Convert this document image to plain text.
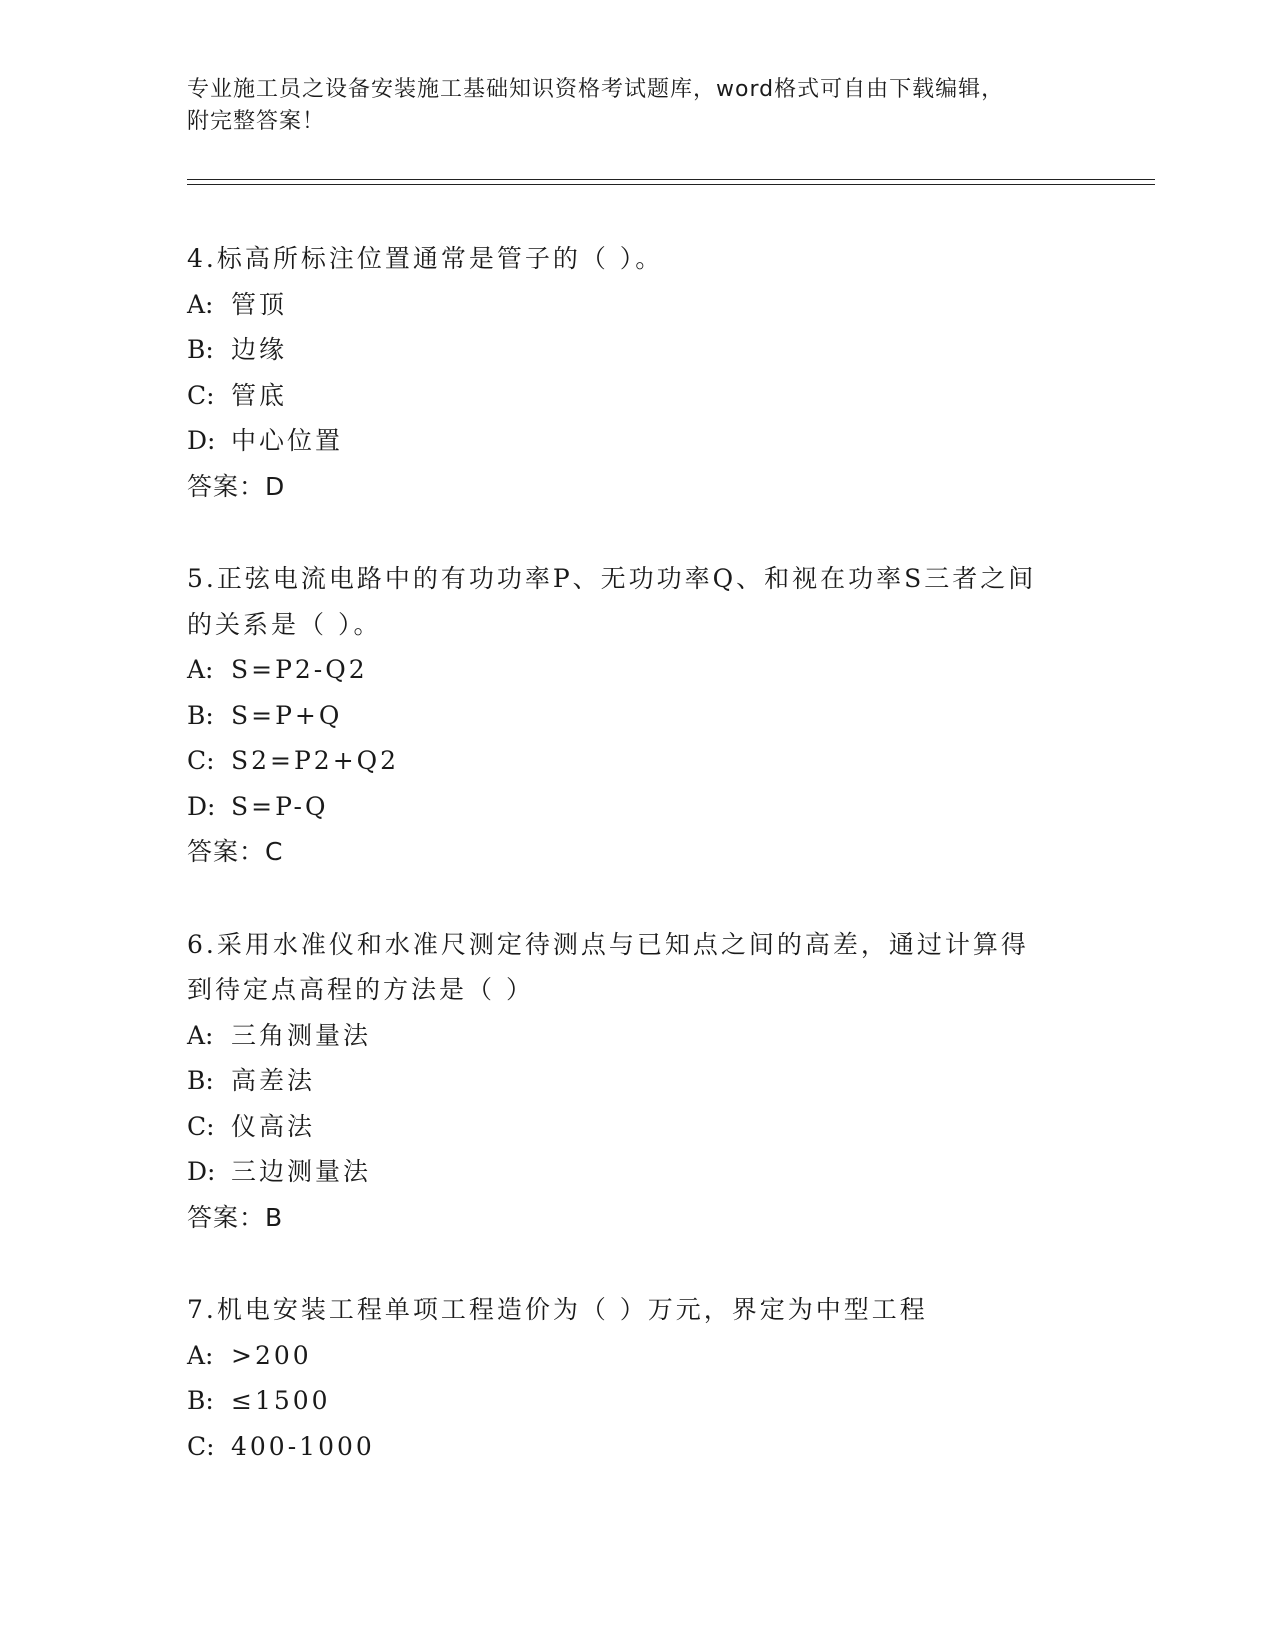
专业施工员之设备安装施工基础知识资格考试题库，word格式可自由下载编辑，
附完整答案！
4.标高所标注位置通常是管子的（ ）。
A: 管顶
B: 边缘
C: 管底
D: 中心位置
答案：D
5.正弦电流电路中的有功功率P、无功功率Q、和视在功率S三者之间
的关系是（ ）。
A: S=P2-Q2
B: S=P+Q
C: S2=P2+Q2
D: S=P-Q
答案：C
6.采用水准仪和水准尺测定待测点与已知点之间的高差，通过计算得
到待定点高程的方法是（ ）
A: 三角测量法
B: 高差法
C: 仪高法
D: 三边测量法
答案：B
7.机电安装工程单项工程造价为（ ）万元，界定为中型工程
A: >200
B: ≤1500
C: 400-1000
